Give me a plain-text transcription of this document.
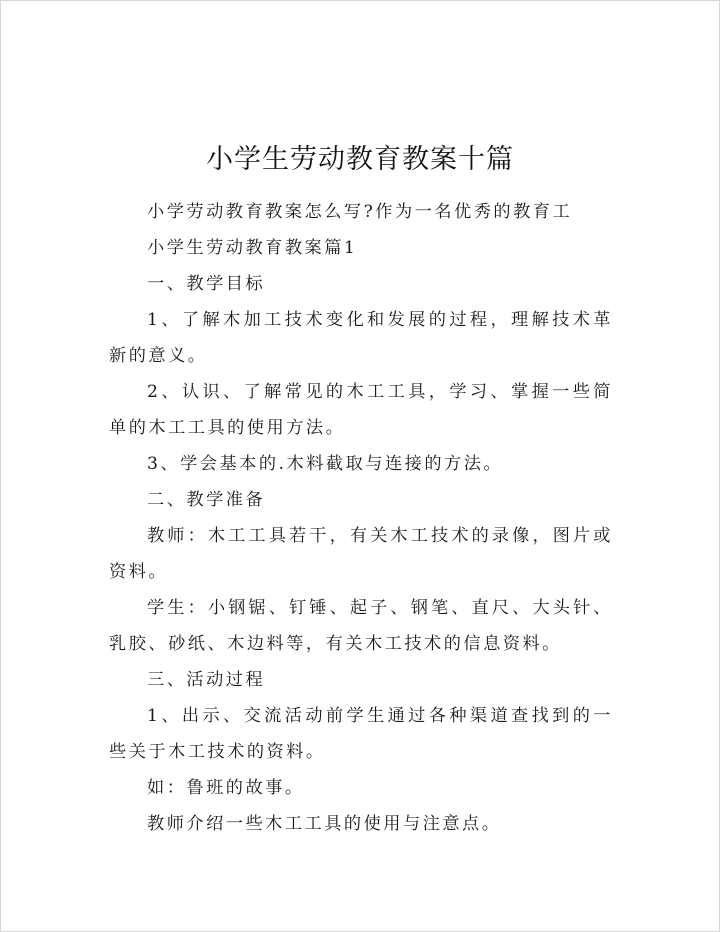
小学生劳动教育教案十篇

小学劳动教育教案怎么写?作为一名优秀的教育工

小学生劳动教育教案篇1

一、教学目标

1、了解木加工技术变化和发展的过程，理解技术革新的意义。

2、认识、了解常见的木工工具，学习、掌握一些简单的木工工具的使用方法。

3、学会基本的.木料截取与连接的方法。

二、教学准备

教师：木工工具若干，有关木工技术的录像，图片或资料。

学生：小钢锯、钉锤、起子、钢笔、直尺、大头针、乳胶、砂纸、木边料等，有关木工技术的信息资料。

三、活动过程

1、出示、交流活动前学生通过各种渠道查找到的一些关于木工技术的资料。

如：鲁班的故事。

教师介绍一些木工工具的使用与注意点。
